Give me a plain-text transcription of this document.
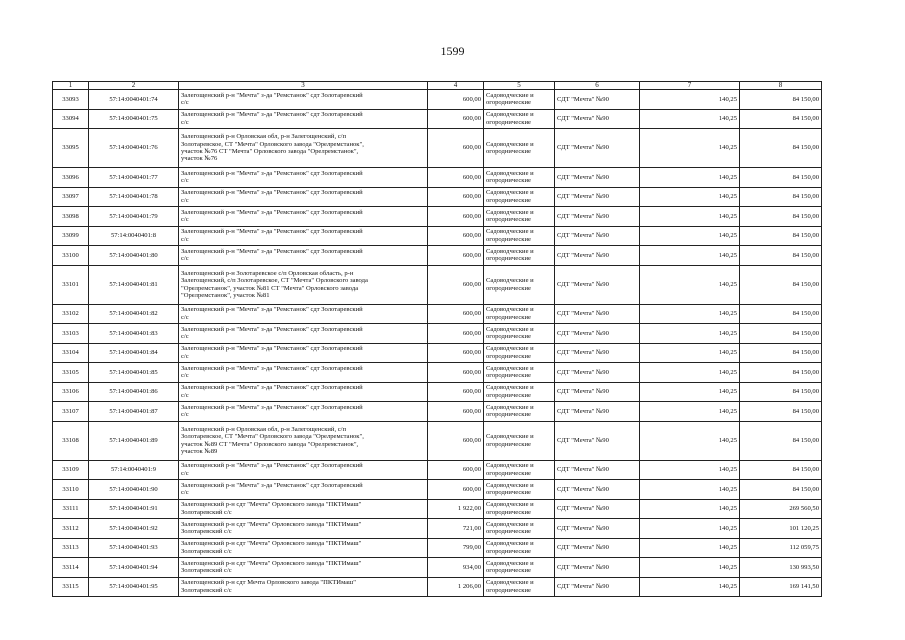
1599
1	2	3	4	5	6	7	8
33093	57:14:0040401:74	Залегощенский р-н "Мечта" з-да "Ремстанок" сдт Золотаревский
с/с	600,00	Садоводческие и
огороднические	СДТ "Мечта" №90	140,25	84 150,00
33094	57:14:0040401:75	Залегощенский р-н "Мечта" з-да "Ремстанок" сдт Золотаревский
с/с	600,00	Садоводческие и
огороднические	СДТ "Мечта" №90	140,25	84 150,00
33095	57:14:0040401:76	Залегощенский р-н Орловская обл, р-н Залегощенский, с/п
Золотаревское, СТ "Мечта" Орловского завода "Орелремстанок",
участок №76 СТ "Мечта" Орловского завода "Орелремстанок",
участок №76	600,00	Садоводческие и
огороднические	СДТ "Мечта" №90	140,25	84 150,00
33096	57:14:0040401:77	Залегощенский р-н "Мечта" з-да "Ремстанок" сдт Золотаревский
с/с	600,00	Садоводческие и
огороднические	СДТ "Мечта" №90	140,25	84 150,00
33097	57:14:0040401:78	Залегощенский р-н "Мечта" з-да "Ремстанок" сдт Золотаревский
с/с	600,00	Садоводческие и
огороднические	СДТ "Мечта" №90	140,25	84 150,00
33098	57:14:0040401:79	Залегощенский р-н "Мечта" з-да "Ремстанок" сдт Золотаревский
с/с	600,00	Садоводческие и
огороднические	СДТ "Мечта" №90	140,25	84 150,00
33099	57:14:0040401:8	Залегощенский р-н "Мечта" з-да "Ремстанок" сдт Золотаревский
с/с	600,00	Садоводческие и
огороднические	СДТ "Мечта" №90	140,25	84 150,00
33100	57:14:0040401:80	Залегощенский р-н "Мечта" з-да "Ремстанок" сдт Золотаревский
с/с	600,00	Садоводческие и
огороднические	СДТ "Мечта" №90	140,25	84 150,00
33101	57:14:0040401:81	Залегощенский р-н Золотаревское с/п Орловская область, р-н
Залегощенский, с/п Золотаревское, СТ "Мечта" Орловского завода
"Орелремстанок", участок №81 СТ "Мечта" Орловского завода
"Орелремстанок", участок №81	600,00	Садоводческие и
огороднические	СДТ "Мечта" №90	140,25	84 150,00
33102	57:14:0040401:82	Залегощенский р-н "Мечта" з-да "Ремстанок" сдт Золотаревский
с/с	600,00	Садоводческие и
огороднические	СДТ "Мечта" №90	140,25	84 150,00
33103	57:14:0040401:83	Залегощенский р-н "Мечта" з-да "Ремстанок" сдт Золотаревский
с/с	600,00	Садоводческие и
огороднические	СДТ "Мечта" №90	140,25	84 150,00
33104	57:14:0040401:84	Залегощенский р-н "Мечта" з-да "Ремстанок" сдт Золотаревский
с/с	600,00	Садоводческие и
огороднические	СДТ "Мечта" №90	140,25	84 150,00
33105	57:14:0040401:85	Залегощенский р-н "Мечта" з-да "Ремстанок" сдт Золотаревский
с/с	600,00	Садоводческие и
огороднические	СДТ "Мечта" №90	140,25	84 150,00
33106	57:14:0040401:86	Залегощенский р-н "Мечта" з-да "Ремстанок" сдт Золотаревский
с/с	600,00	Садоводческие и
огороднические	СДТ "Мечта" №90	140,25	84 150,00
33107	57:14:0040401:87	Залегощенский р-н "Мечта" з-да "Ремстанок" сдт Золотаревский
с/с	600,00	Садоводческие и
огороднические	СДТ "Мечта" №90	140,25	84 150,00
33108	57:14:0040401:89	Залегощенский р-н Орловская обл, р-н Залегощенский, с/п
Золотаревское, СТ "Мечта" Орловского завода "Орелремстанок",
участок №89 СТ "Мечта" Орловского завода "Орелремстанок",
участок №89	600,00	Садоводческие и
огороднические	СДТ "Мечта" №90	140,25	84 150,00
33109	57:14:0040401:9	Залегощенский р-н "Мечта" з-да "Ремстанок" сдт Золотаревский
с/с	600,00	Садоводческие и
огороднические	СДТ "Мечта" №90	140,25	84 150,00
33110	57:14:0040401:90	Залегощенский р-н "Мечта" з-да "Ремстанок" сдт Золотаревский
с/с	600,00	Садоводческие и
огороднические	СДТ "Мечта" №90	140,25	84 150,00
33111	57:14:0040401:91	Залегощенский р-н сдт "Мечта" Орловского завода "ПКТИмаш"
Золотаревский с/с	1 922,00	Садоводческие и
огороднические	СДТ "Мечта" №90	140,25	269 560,50
33112	57:14:0040401:92	Залегощенский р-н сдт "Мечта" Орловского завода "ПКТИмаш"
Золотаревский с/с	721,00	Садоводческие и
огороднические	СДТ "Мечта" №90	140,25	101 120,25
33113	57:14:0040401:93	Залегощенский р-н сдт "Мечта" Орловского завода "ПКТИмаш"
Золотаревский с/с	799,00	Садоводческие и
огороднические	СДТ "Мечта" №90	140,25	112 059,75
33114	57:14:0040401:94	Залегощенский р-н сдт "Мечта" Орловского завода "ПКТИмаш"
Золотаревский с/с	934,00	Садоводческие и
огороднические	СДТ "Мечта" №90	140,25	130 993,50
33115	57:14:0040401:95	Залегощенский р-н сдт Мечта Орловского завода "ПКТИмаш"
Золотаревский с/с	1 206,00	Садоводческие и
огороднические	СДТ "Мечта" №90	140,25	169 141,50
